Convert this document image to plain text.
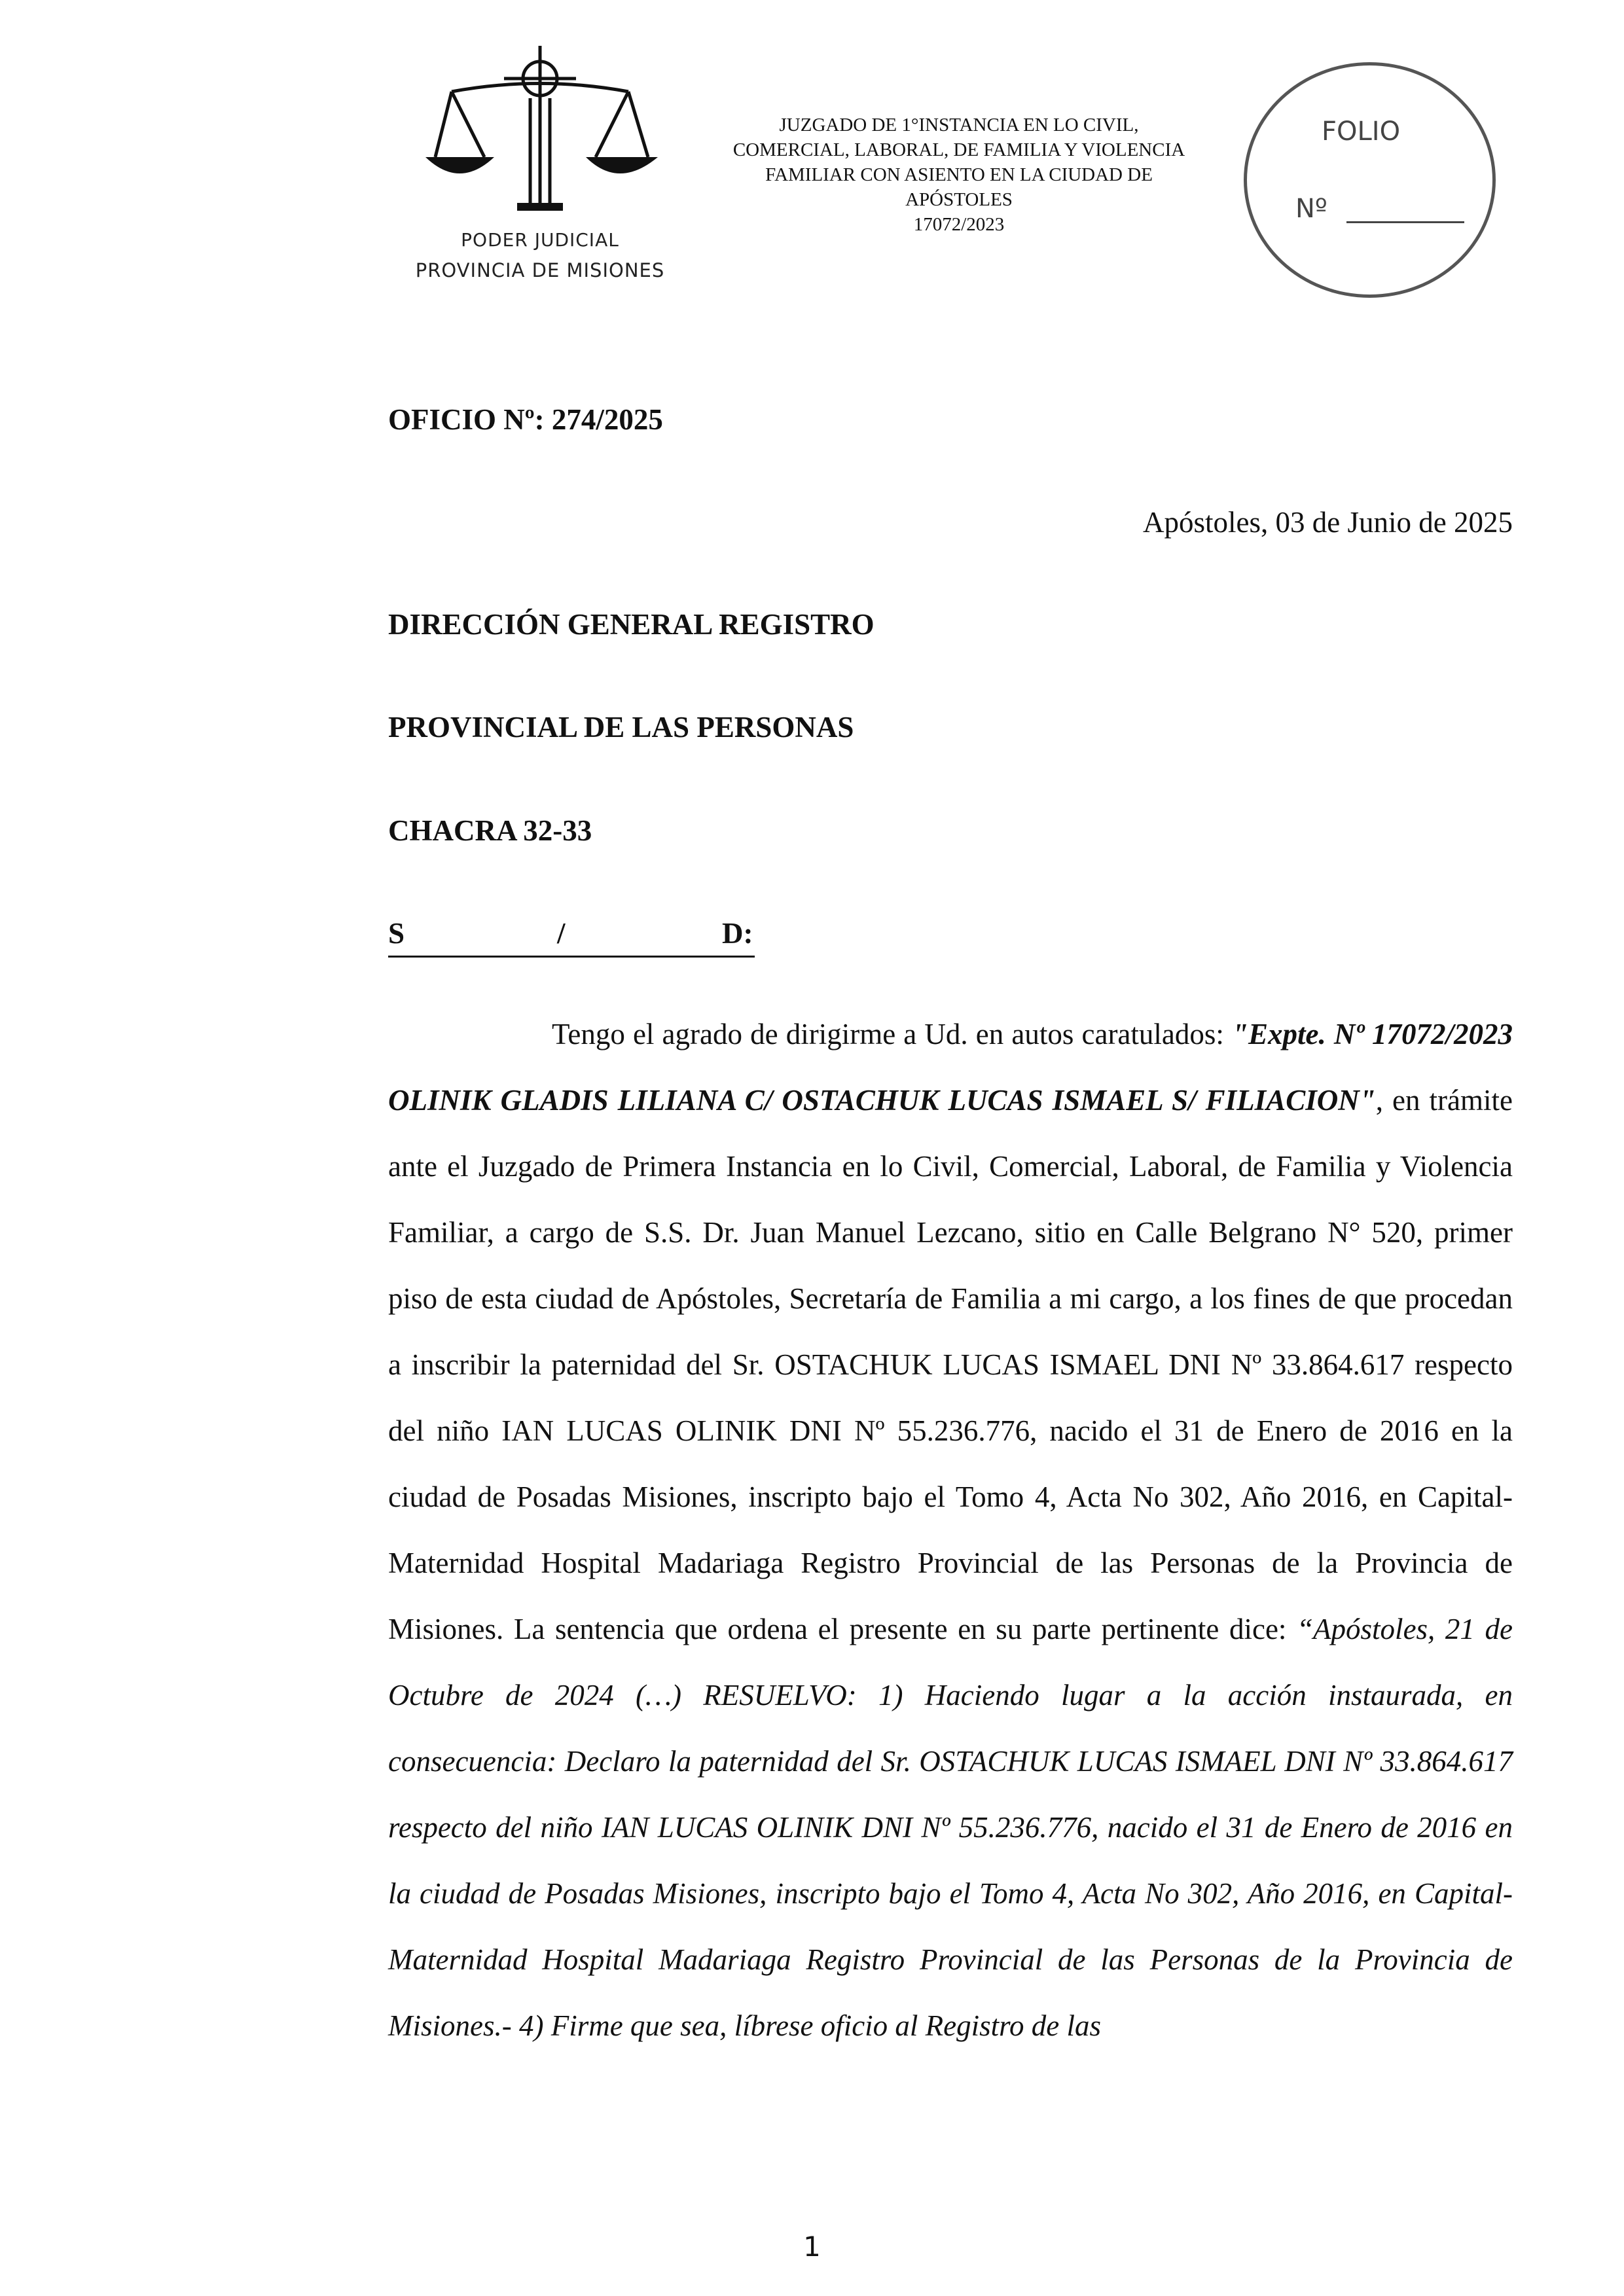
PODER JUDICIAL
PROVINCIA DE MISIONES
JUZGADO DE 1°INSTANCIA EN LO CIVIL,
COMERCIAL, LABORAL, DE FAMILIA Y VIOLENCIA
FAMILIAR CON ASIENTO EN LA CIUDAD DE
APÓSTOLES
17072/2023
FOLIO
Nº
OFICIO Nº: 274/2025
Apóstoles, 03 de Junio de 2025
DIRECCIÓN GENERAL REGISTRO
PROVINCIAL DE LAS PERSONAS
CHACRA 32-33
S	/	D:

Tengo el agrado de dirigirme a Ud. en autos caratulados: "Expte. Nº 17072/2023 OLINIK GLADIS LILIANA C/ OSTACHUK LUCAS ISMAEL S/ FILIACION", en trámite ante el Juzgado de Primera Instancia en lo Civil, Comercial, Laboral, de Familia y Violencia Familiar, a cargo de S.S. Dr. Juan Manuel Lezcano, sitio en Calle Belgrano N° 520, primer piso de esta ciudad de Apóstoles, Secretaría de Familia a mi cargo, a los fines de que procedan a inscribir la paternidad del Sr. OSTACHUK LUCAS ISMAEL DNI Nº 33.864.617 respecto del niño IAN LUCAS OLINIK DNI Nº 55.236.776, nacido el 31 de Enero de 2016 en la ciudad de Posadas Misiones, inscripto bajo el Tomo 4, Acta No 302, Año 2016, en Capital-Maternidad Hospital Madariaga Registro Provincial de las Personas de la Provincia de Misiones. La sentencia que ordena el presente en su parte pertinente dice: “Apóstoles, 21 de Octubre de 2024 (…) RESUELVO: 1) Haciendo lugar a la acción instaurada, en consecuencia: Declaro la paternidad del Sr. OSTACHUK LUCAS ISMAEL DNI Nº 33.864.617 respecto del niño IAN LUCAS OLINIK DNI Nº 55.236.776, nacido el 31 de Enero de 2016 en la ciudad de Posadas Misiones, inscripto bajo el Tomo 4, Acta No 302, Año 2016, en Capital- Maternidad Hospital Madariaga Registro Provincial de las Personas de la Provincia de Misiones.- 4) Firme que sea, líbrese oficio al Registro de las

1
